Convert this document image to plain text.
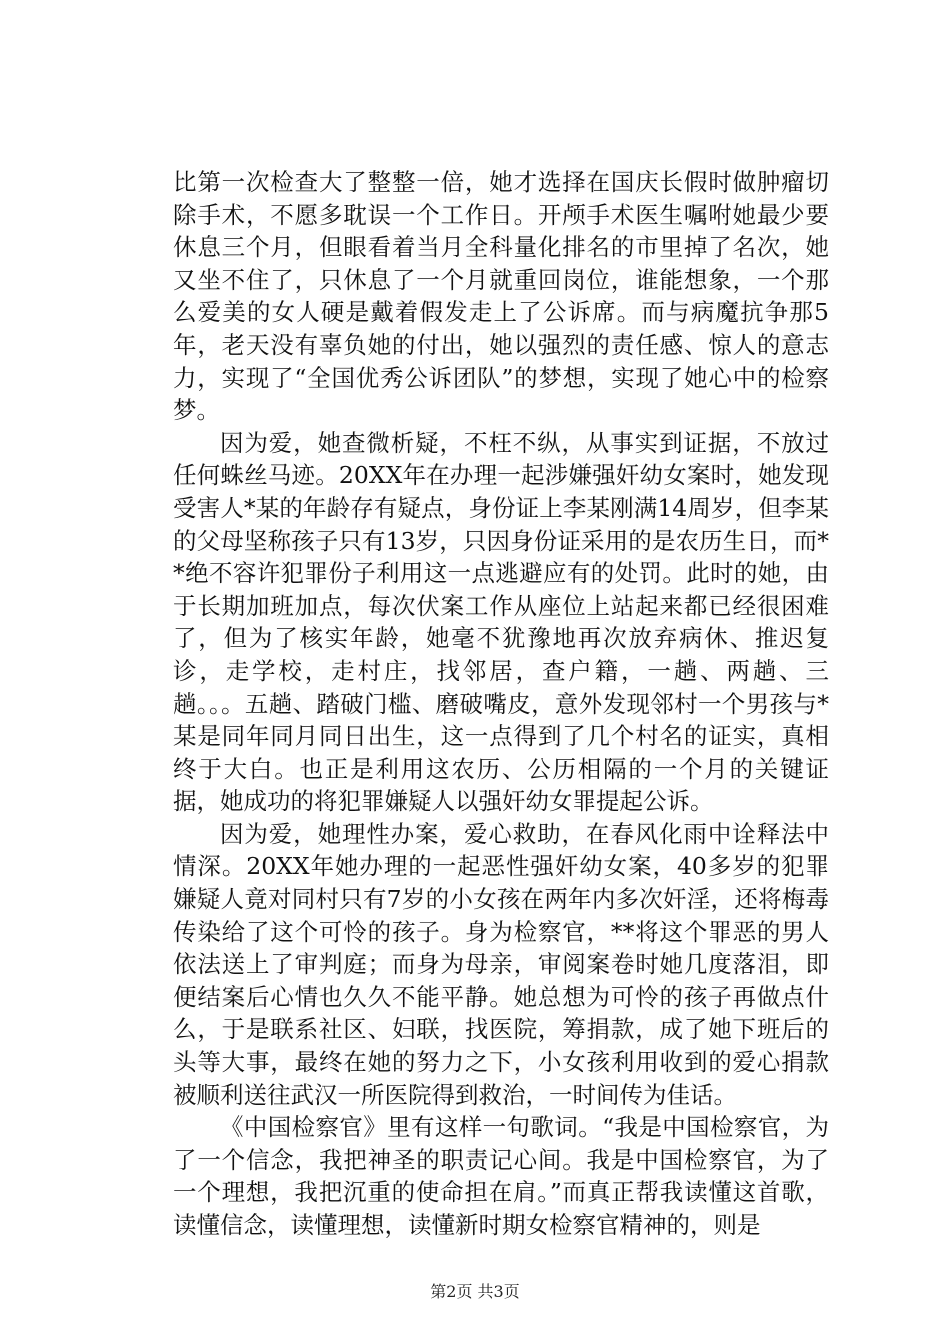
比第一次检查大了整整一倍，她才选择在国庆长假时做肿瘤切除手术，不愿多耽误一个工作日。开颅手术医生嘱咐她最少要休息三个月，但眼看着当月全科量化排名的市里掉了名次，她又坐不住了，只休息了一个月就重回岗位，谁能想象，一个那么爱美的女人硬是戴着假发走上了公诉席。而与病魔抗争那5年，老天没有辜负她的付出，她以强烈的责任感、惊人的意志力，实现了“全国优秀公诉团队”的梦想，实现了她心中的检察梦。

因为爱，她查微析疑，不枉不纵，从事实到证据，不放过任何蛛丝马迹。20XX年在办理一起涉嫌强奸幼女案时，她发现受害人*某的年龄存有疑点，身份证上李某刚满14周岁，但李某的父母坚称孩子只有13岁，只因身份证采用的是农历生日，而**绝不容许犯罪份子利用这一点逃避应有的处罚。此时的她，由于长期加班加点，每次伏案工作从座位上站起来都已经很困难了，但为了核实年龄，她毫不犹豫地再次放弃病休、推迟复诊，走学校，走村庄，找邻居，查户籍，一趟、两趟、三趟。。。五趟、踏破门槛、磨破嘴皮，意外发现邻村一个男孩与*某是同年同月同日出生，这一点得到了几个村名的证实，真相终于大白。也正是利用这农历、公历相隔的一个月的关键证据，她成功的将犯罪嫌疑人以强奸幼女罪提起公诉。

因为爱，她理性办案，爱心救助，在春风化雨中诠释法中情深。20XX年她办理的一起恶性强奸幼女案，40多岁的犯罪嫌疑人竟对同村只有7岁的小女孩在两年内多次奸淫，还将梅毒传染给了这个可怜的孩子。身为检察官，**将这个罪恶的男人依法送上了审判庭；而身为母亲，审阅案卷时她几度落泪，即便结案后心情也久久不能平静。她总想为可怜的孩子再做点什么，于是联系社区、妇联，找医院，筹捐款，成了她下班后的头等大事，最终在她的努力之下，小女孩利用收到的爱心捐款被顺利送往武汉一所医院得到救治，一时间传为佳话。

《中国检察官》里有这样一句歌词。“我是中国检察官，为了一个信念，我把神圣的职责记心间。我是中国检察官，为了一个理想，我把沉重的使命担在肩。”而真正帮我读懂这首歌，读懂信念，读懂理想，读懂新时期女检察官精神的，则是

第2页 共3页
